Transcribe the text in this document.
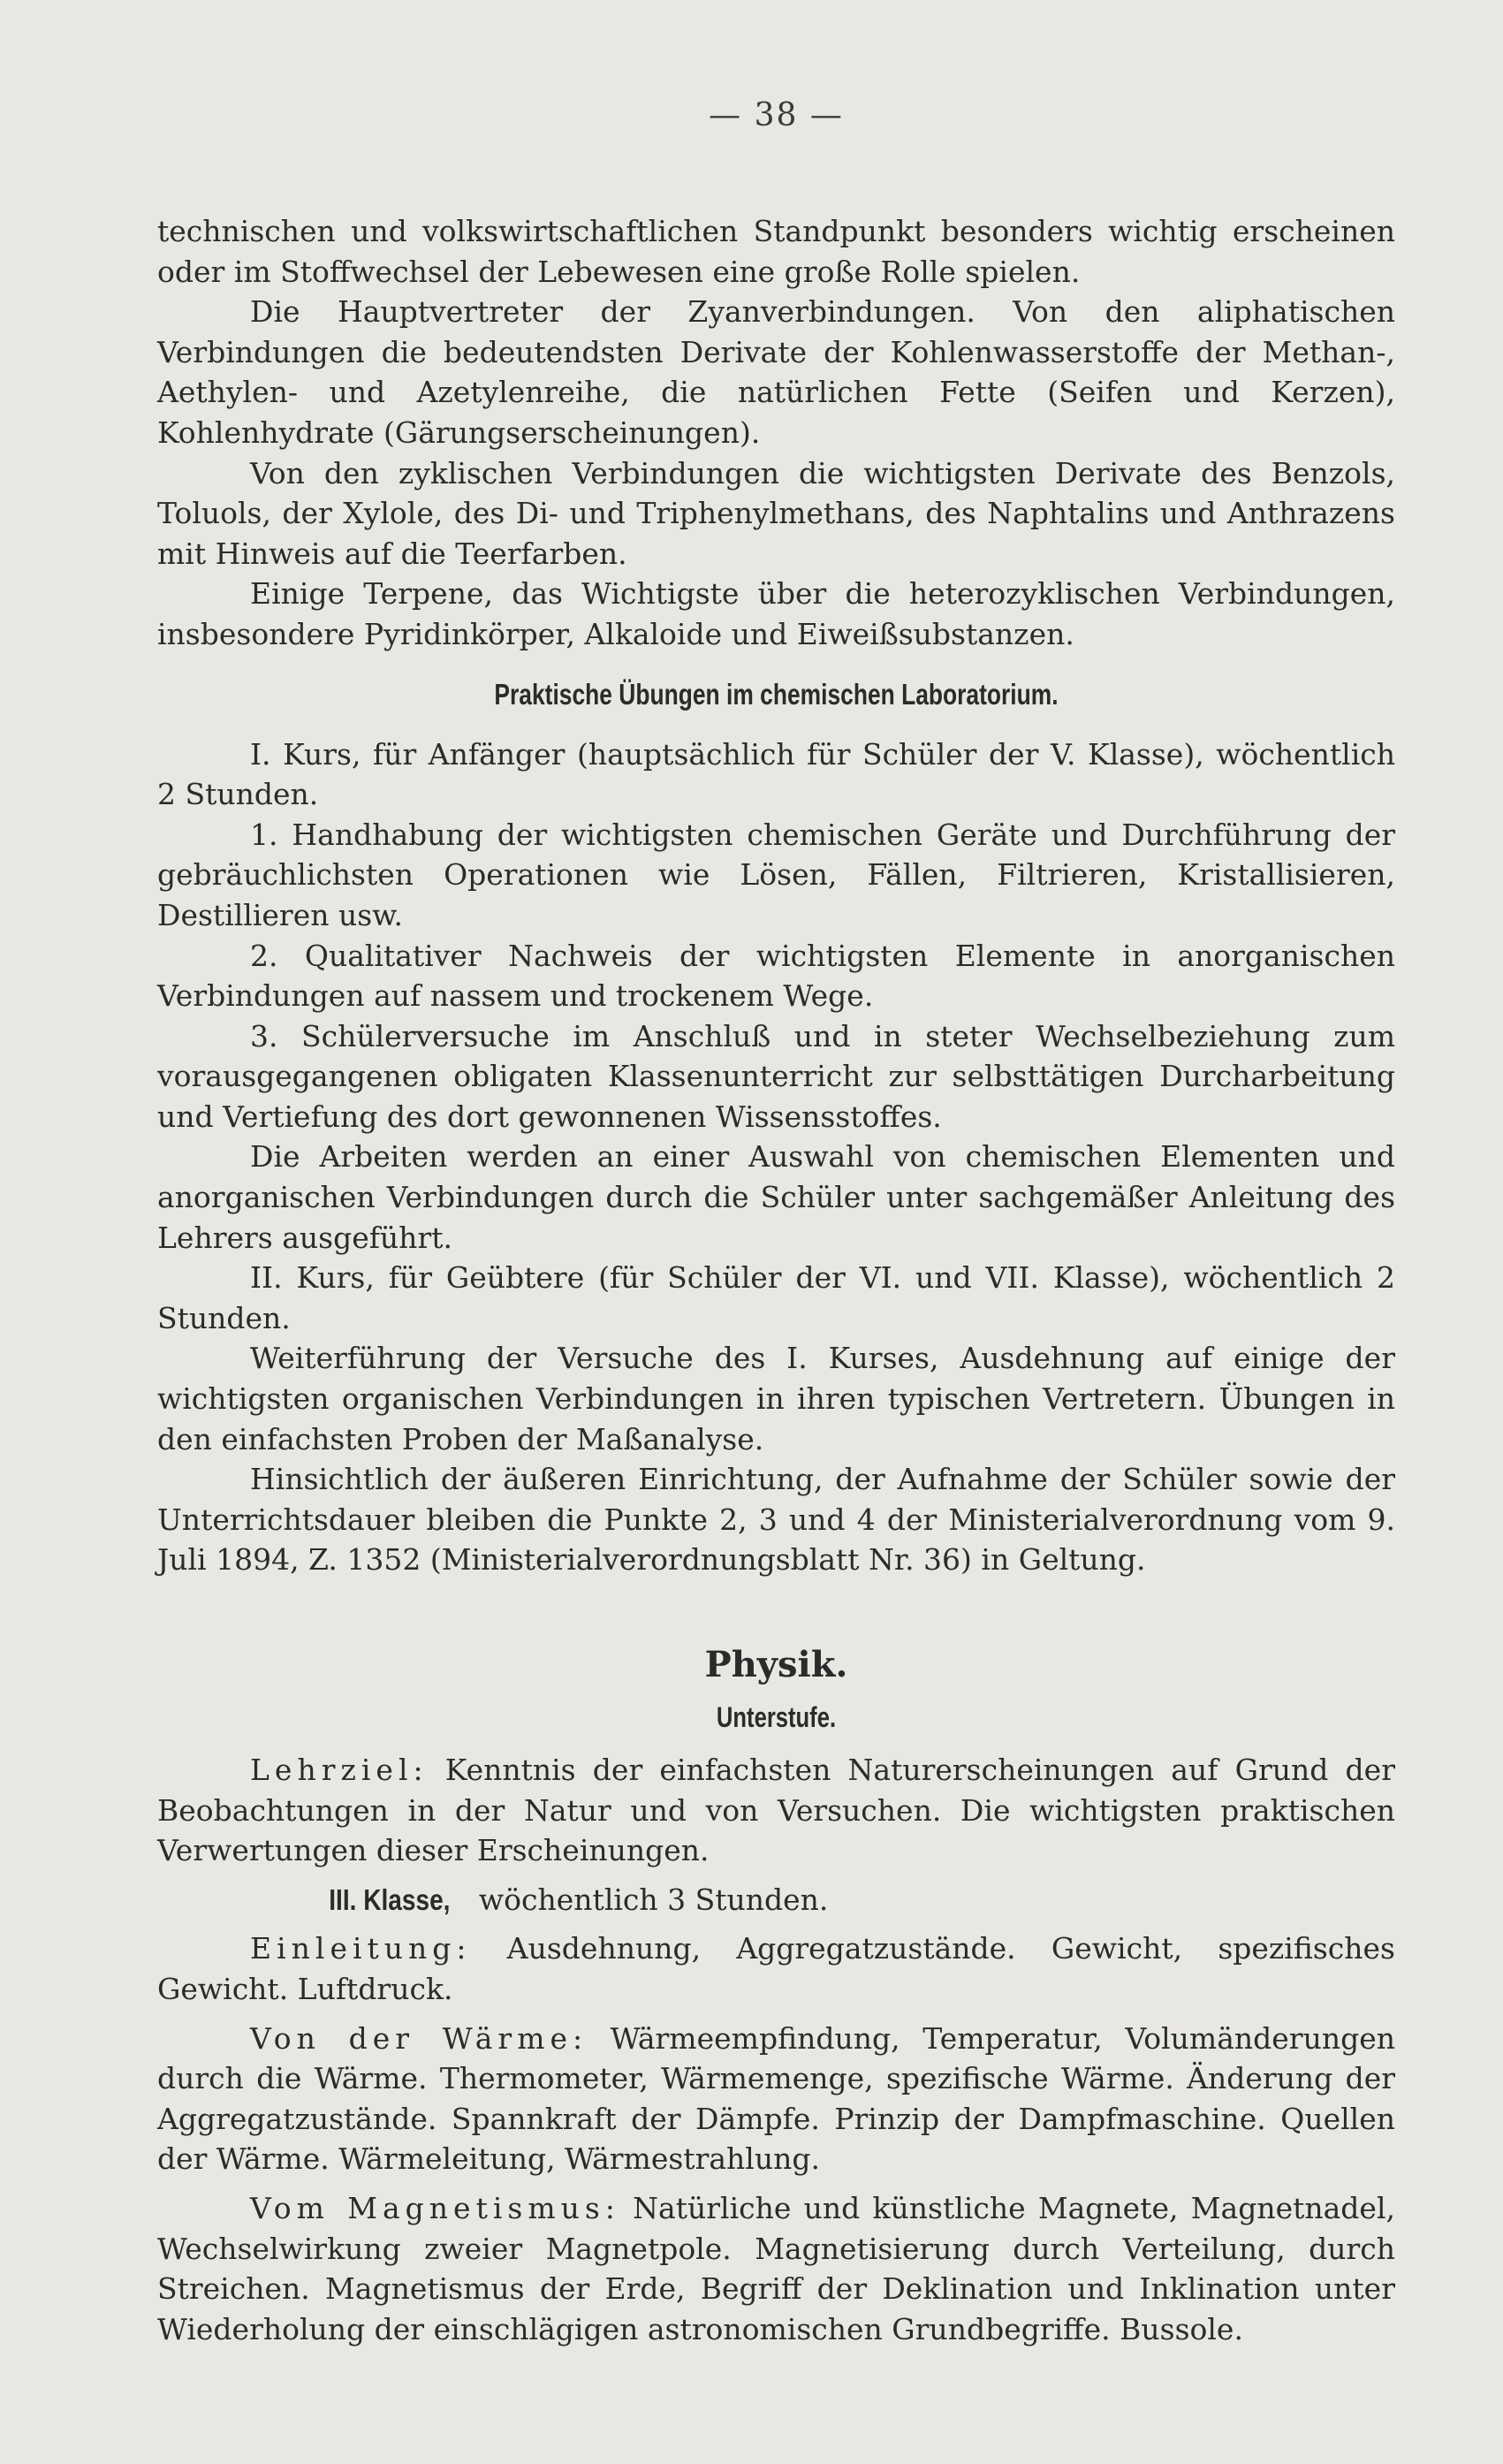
— 38 —

technischen und volkswirtschaftlichen Standpunkt besonders wichtig erscheinen oder im Stoffwechsel der Lebewesen eine große Rolle spielen.

Die Hauptvertreter der Zyanverbindungen. Von den aliphatischen Verbindungen die bedeutendsten Derivate der Kohlenwasserstoffe der Methan-, Aethylen- und Azetylenreihe, die natürlichen Fette (Seifen und Kerzen), Kohlenhydrate (Gärungserscheinungen).

Von den zyklischen Verbindungen die wichtigsten Derivate des Benzols, Toluols, der Xylole, des Di- und Triphenylmethans, des Naphtalins und Anthrazens mit Hinweis auf die Teerfarben.

Einige Terpene, das Wichtigste über die heterozyklischen Verbindungen, insbesondere Pyridinkörper, Alkaloide und Eiweißsubstanzen.

Praktische Übungen im chemischen Laboratorium.

I. Kurs, für Anfänger (hauptsächlich für Schüler der V. Klasse), wöchentlich 2 Stunden.

1. Handhabung der wichtigsten chemischen Geräte und Durchführung der gebräuchlichsten Operationen wie Lösen, Fällen, Filtrieren, Kristallisieren, Destillieren usw.

2. Qualitativer Nachweis der wichtigsten Elemente in anorganischen Verbindungen auf nassem und trockenem Wege.

3. Schülerversuche im Anschluß und in steter Wechselbeziehung zum vorausgegangenen obligaten Klassenunterricht zur selbsttätigen Durcharbeitung und Vertiefung des dort gewonnenen Wissensstoffes.

Die Arbeiten werden an einer Auswahl von chemischen Elementen und anorganischen Verbindungen durch die Schüler unter sachgemäßer Anleitung des Lehrers ausgeführt.

II. Kurs, für Geübtere (für Schüler der VI. und VII. Klasse), wöchentlich 2 Stunden.

Weiterführung der Versuche des I. Kurses, Ausdehnung auf einige der wichtigsten organischen Verbindungen in ihren typischen Vertretern. Übungen in den einfachsten Proben der Maßanalyse.

Hinsichtlich der äußeren Einrichtung, der Aufnahme der Schüler sowie der Unterrichtsdauer bleiben die Punkte 2, 3 und 4 der Ministerialverordnung vom 9. Juli 1894, Z. 1352 (Ministerialverordnungsblatt Nr. 36) in Geltung.

Physik.
Unterstufe.

Lehrziel: Kenntnis der einfachsten Naturerscheinungen auf Grund der Beobachtungen in der Natur und von Versuchen. Die wichtigsten praktischen Verwertungen dieser Erscheinungen.

III. Klasse, wöchentlich 3 Stunden.

Einleitung: Ausdehnung, Aggregatzustände. Gewicht, spezifisches Gewicht. Luftdruck.

Von der Wärme: Wärmeempfindung, Temperatur, Volumänderungen durch die Wärme. Thermometer, Wärmemenge, spezifische Wärme. Änderung der Aggregatzustände. Spannkraft der Dämpfe. Prinzip der Dampfmaschine. Quellen der Wärme. Wärmeleitung, Wärmestrahlung.

Vom Magnetismus: Natürliche und künstliche Magnete, Magnetnadel, Wechselwirkung zweier Magnetpole. Magnetisierung durch Verteilung, durch Streichen. Magnetismus der Erde, Begriff der Deklination und Inklination unter Wiederholung der einschlägigen astronomischen Grundbegriffe. Bussole.
